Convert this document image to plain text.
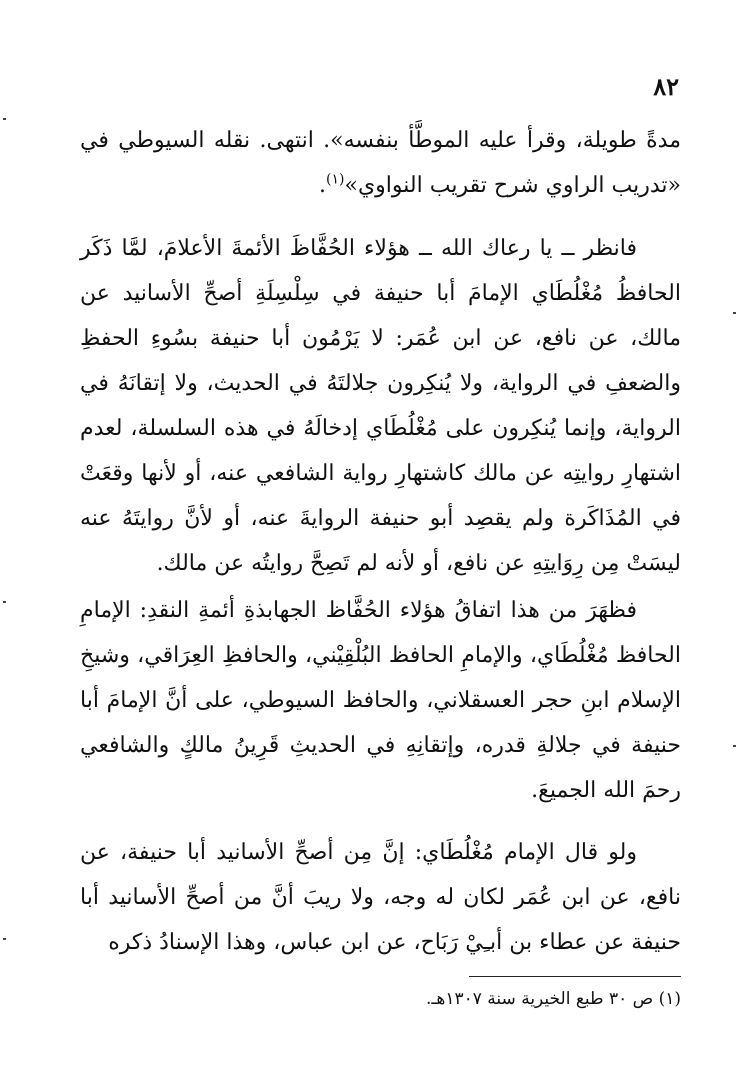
٨٢

مدةً طويلة، وقرأ عليه الموطَّأ بنفسه». انتهى. نقله السيوطي في «تدريب الراوي شرح تقريب النواوي»$^{(١)}$.

فانظر ــ يا رعاك الله ــ هؤلاء الحُفَّاظَ الأئمةَ الأعلامَ، لمَّا ذَكَر الحافظُ مُغْلُطَاي الإمامَ أبا حنيفة في سِلْسِلَةِ أصحِّ الأسانيد عن مالك، عن نافع، عن ابن عُمَر: لا يَرْمُون أبا حنيفة بسُوءِ الحفظِ والضعفِ في الرواية، ولا يُنكِرون جلالتَهُ في الحديث، ولا إتقانَهُ في الرواية، وإنما يُنكِرون على مُغْلُطَاي إدخالَهُ في هذه السلسلة، لعدم اشتهارِ روايتِه عن مالك كاشتهارِ رواية الشافعي عنه، أو لأنها وقعَتْ في المُذَاكَرة ولم يقصِد أبو حنيفة الروايةَ عنه، أو لأنَّ روايتَهُ عنه ليسَتْ مِن رِوَايتِهِ عن نافع، أو لأنه لم تَصِحَّ روايتُه عن مالك.

فظهَرَ من هذا اتفاقُ هؤلاء الحُفَّاظ الجهابذةِ أئمةِ النقدِ: الإمامِ الحافظ مُغْلُطَاي، والإمامِ الحافظ البُلْقِيْني، والحافظِ العِرَاقي، وشيخِ الإسلام ابنِ حجر العسقلاني، والحافظ السيوطي، على أنَّ الإمامَ أبا حنيفة في جلالةِ قدره، وإتقانِهِ في الحديثِ قَرِينُ مالكٍ والشافعي رحمَ الله الجميعَ.

ولو قال الإمام مُغْلُطَاي: إنَّ مِن أصحِّ الأسانيد أبا حنيفة، عن نافع، عن ابن عُمَر لكان له وجه، ولا ريبَ أنَّ من أصحِّ الأسانيد أبا حنيفة عن عطاء بن أبـِيْ رَبَاح، عن ابن عباس، وهذا الإسنادُ ذكره

(١) ص ٣٠ طبع الخيرية سنة ١٣٠٧هـ.
